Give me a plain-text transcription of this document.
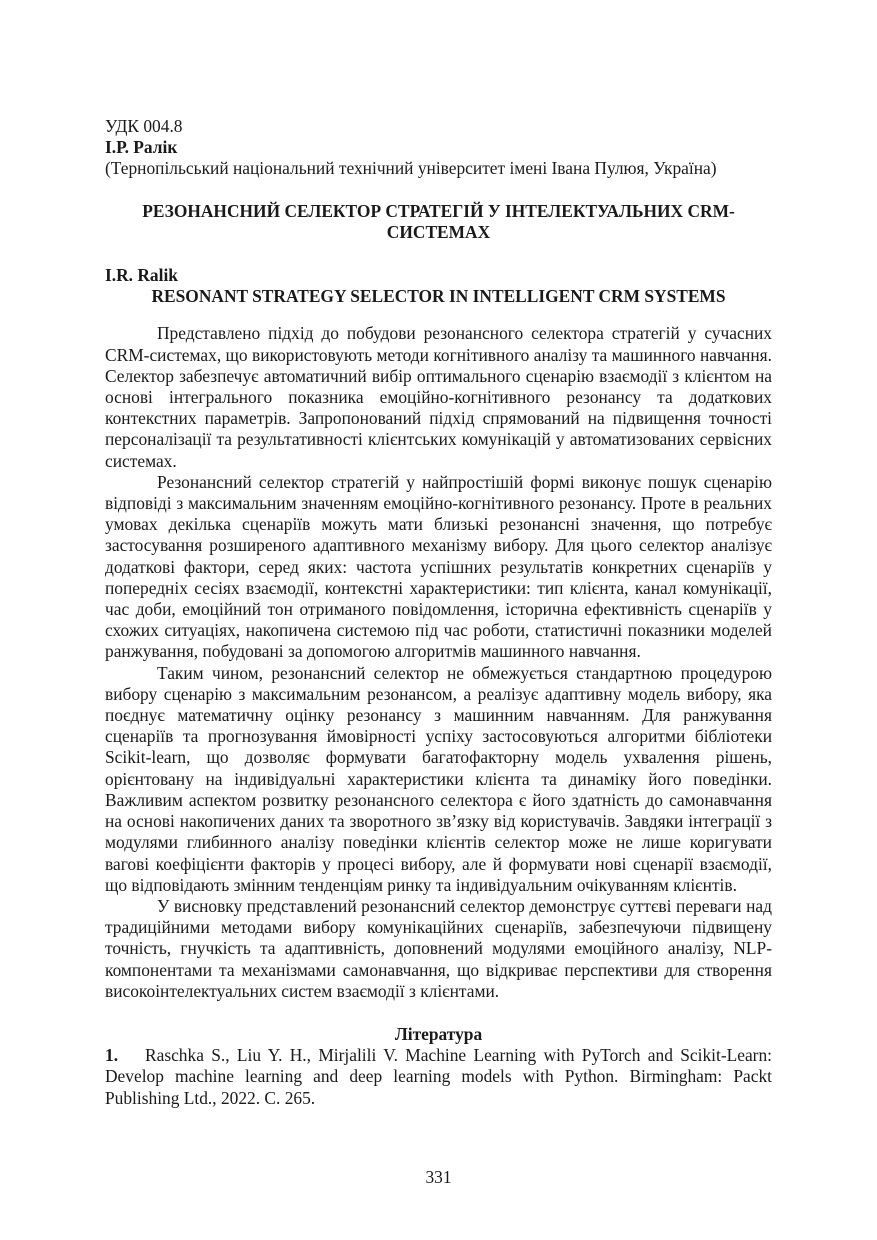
УДК 004.8
І.Р. Ралік
(Тернопільський національний технічний університет імені Івана Пулюя, Україна)
РЕЗОНАНСНИЙ СЕЛЕКТОР СТРАТЕГІЙ У ІНТЕЛЕКТУАЛЬНИХ CRM-СИСТЕМАХ
I.R. Ralik
RESONANT STRATEGY SELECTOR IN INTELLIGENT CRM SYSTEMS

Представлено підхід до побудови резонансного селектора стратегій у сучасних CRM-системах, що використовують методи когнітивного аналізу та машинного навчання. Селектор забезпечує автоматичний вибір оптимального сценарію взаємодії з клієнтом на основі інтегрального показника емоційно-когнітивного резонансу та додаткових контекстних параметрів. Запропонований підхід спрямований на підвищення точності персоналізації та результативності клієнтських комунікацій у автоматизованих сервісних системах.

Резонансний селектор стратегій у найпростішій формі виконує пошук сценарію відповіді з максимальним значенням емоційно-когнітивного резонансу. Проте в реальних умовах декілька сценаріїв можуть мати близькі резонансні значення, що потребує застосування розширеного адаптивного механізму вибору. Для цього селектор аналізує додаткові фактори, серед яких: частота успішних результатів конкретних сценаріїв у попередніх сесіях взаємодії, контекстні характеристики: тип клієнта, канал комунікації, час доби, емоційний тон отриманого повідомлення, історична ефективність сценаріїв у схожих ситуаціях, накопичена системою під час роботи, статистичні показники моделей ранжування, побудовані за допомогою алгоритмів машинного навчання.

Таким чином, резонансний селектор не обмежується стандартною процедурою вибору сценарію з максимальним резонансом, а реалізує адаптивну модель вибору, яка поєднує математичну оцінку резонансу з машинним навчанням. Для ранжування сценаріїв та прогнозування ймовірності успіху застосовуються алгоритми бібліотеки Scikit-learn, що дозволяє формувати багатофакторну модель ухвалення рішень, орієнтовану на індивідуальні характеристики клієнта та динаміку його поведінки. Важливим аспектом розвитку резонансного селектора є його здатність до самонавчання на основі накопичених даних та зворотного зв’язку від користувачів. Завдяки інтеграції з модулями глибинного аналізу поведінки клієнтів селектор може не лише коригувати вагові коефіцієнти факторів у процесі вибору, але й формувати нові сценарії взаємодії, що відповідають змінним тенденціям ринку та індивідуальним очікуванням клієнтів.

У висновку представлений резонансний селектор демонструє суттєві переваги над традиційними методами вибору комунікаційних сценаріїв, забезпечуючи підвищену точність, гнучкість та адаптивність, доповнений модулями емоційного аналізу, NLP-компонентами та механізмами самонавчання, що відкриває перспективи для створення високоінтелектуальних систем взаємодії з клієнтами.

Література

1. Raschka S., Liu Y. H., Mirjalili V. Machine Learning with PyTorch and Scikit-Learn: Develop machine learning and deep learning models with Python. Birmingham: Packt Publishing Ltd., 2022. С. 265.

331
